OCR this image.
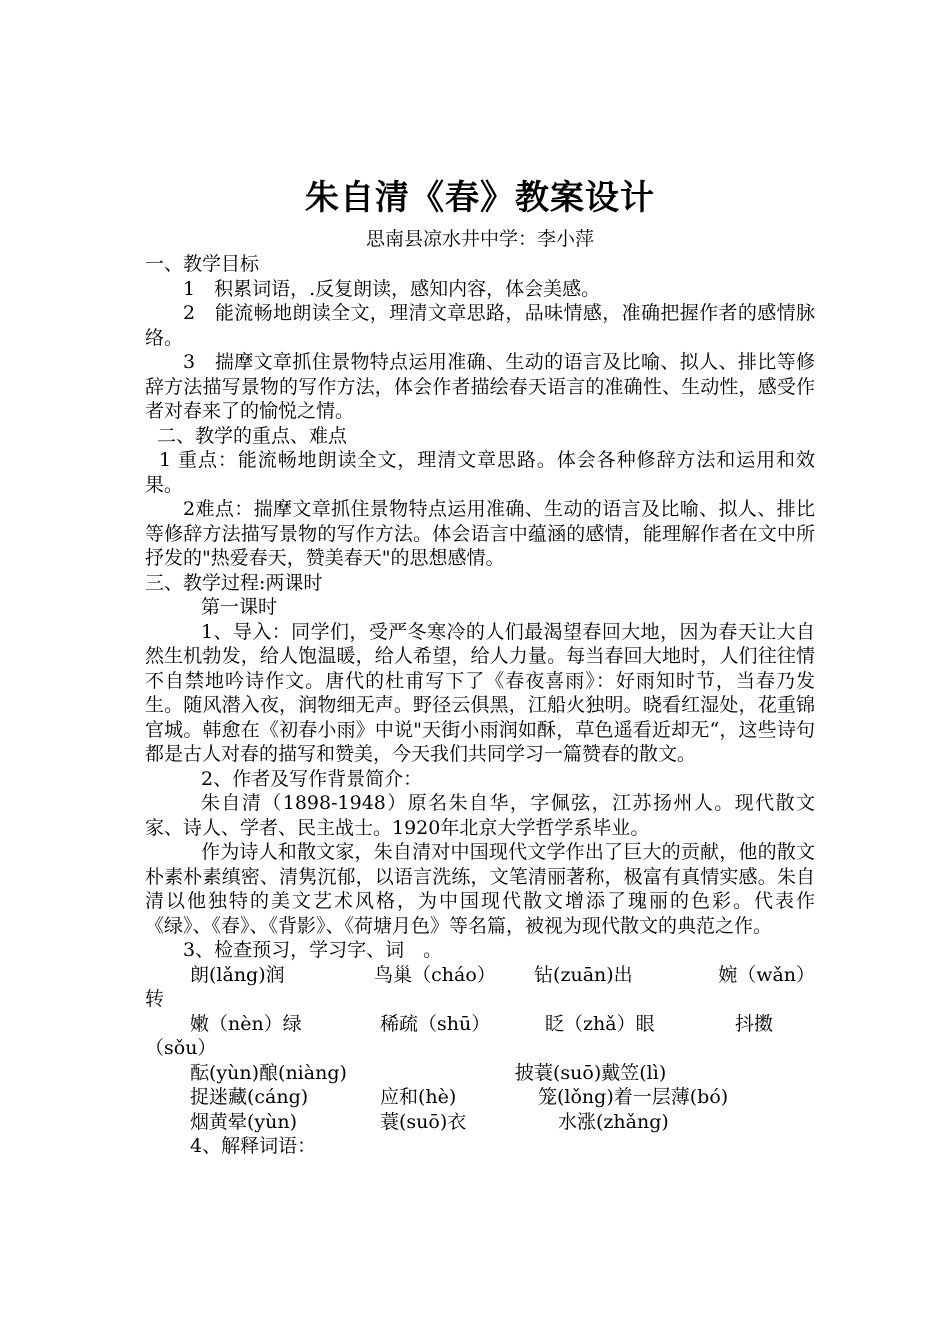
朱自清《春》教案设计

思南县凉水井中学：李小萍

一、教学目标

1　积累词语，.反复朗读，感知内容，体会美感。

2　能流畅地朗读全文，理清文章思路，品味情感，准确把握作者的感情脉络。

3　揣摩文章抓住景物特点运用准确、生动的语言及比喻、拟人、排比等修辞方法描写景物的写作方法，体会作者描绘春天语言的准确性、生动性，感受作者对春来了的愉悦之情。

二、教学的重点、难点

1 重点：能流畅地朗读全文，理清文章思路。体会各种修辞方法和运用和效果。

2难点：揣摩文章抓住景物特点运用准确、生动的语言及比喻、拟人、排比等修辞方法描写景物的写作方法。体会语言中蕴涵的感情，能理解作者在文中所抒发的"热爱春天，赞美春天"的思想感情。

三、教学过程:两课时

第一课时

1、导入：同学们，受严冬寒冷的人们最渴望春回大地，因为春天让大自然生机勃发，给人饱温暖，给人希望，给人力量。每当春回大地时，人们往往情不自禁地吟诗作文。唐代的杜甫写下了《春夜喜雨》：好雨知时节，当春乃发生。随风潜入夜，润物细无声。野径云俱黑，江船火独明。晓看红湿处，花重锦官城。韩愈在《初春小雨》中说"天街小雨润如酥，草色遥看近却无“，这些诗句都是古人对春的描写和赞美，今天我们共同学习一篇赞春的散文。

2、作者及写作背景简介：

朱自清（1898-1948）原名朱自华，字佩弦，江苏扬州人。现代散文家、诗人、学者、民主战士。1920年北京大学哲学系毕业。

作为诗人和散文家，朱自清对中国现代文学作出了巨大的贡献，他的散文朴素朴素缜密、清隽沉郁，以语言洗练，文笔清丽著称，极富有真情实感。朱自清以他独特的美文艺术风格，为中国现代散文增添了瑰丽的色彩。代表作《绿》、《春》、《背影》、《荷塘月色》等名篇，被视为现代散文的典范之作。

3、检查预习，学习字、词　。

朗(lǎng)润	鸟巢（cháo）	钻(zuān)出	婉（wǎn）
转
嫩（nèn）绿	稀疏（shū）	眨（zhǎ）眼	抖擞
（sǒu）
酝(yùn)酿(niàng)	披蓑(suō)戴笠(lì)
捉迷藏(cáng)	应和(hè)	笼(lǒng)着一层薄(bó)
烟黄晕(yùn)	蓑(suō)衣	水涨(zhǎng)

4、解释词语：
